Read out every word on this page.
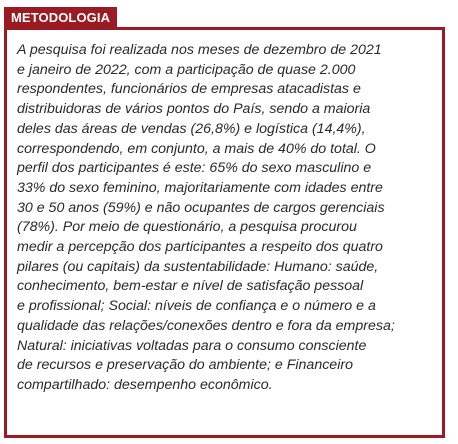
METODOLOGIA

A pesquisa foi realizada nos meses de dezembro de 2021
e janeiro de 2022, com a participação de quase 2.000
respondentes, funcionários de empresas atacadistas e
distribuidoras de vários pontos do País, sendo a maioria
deles das áreas de vendas (26,8%) e logística (14,4%),
correspondendo, em conjunto, a mais de 40% do total. O
perfil dos participantes é este: 65% do sexo masculino e
33% do sexo feminino, majoritariamente com idades entre
30 e 50 anos (59%) e não ocupantes de cargos gerenciais
(78%). Por meio de questionário, a pesquisa procurou
medir a percepção dos participantes a respeito dos quatro
pilares (ou capitais) da sustentabilidade: Humano: saúde,
conhecimento, bem-estar e nível de satisfação pessoal
e profissional; Social: níveis de confiança e o número e a
qualidade das relações/conexões dentro e fora da empresa;
Natural: iniciativas voltadas para o consumo consciente
de recursos e preservação do ambiente; e Financeiro
compartilhado: desempenho econômico.
